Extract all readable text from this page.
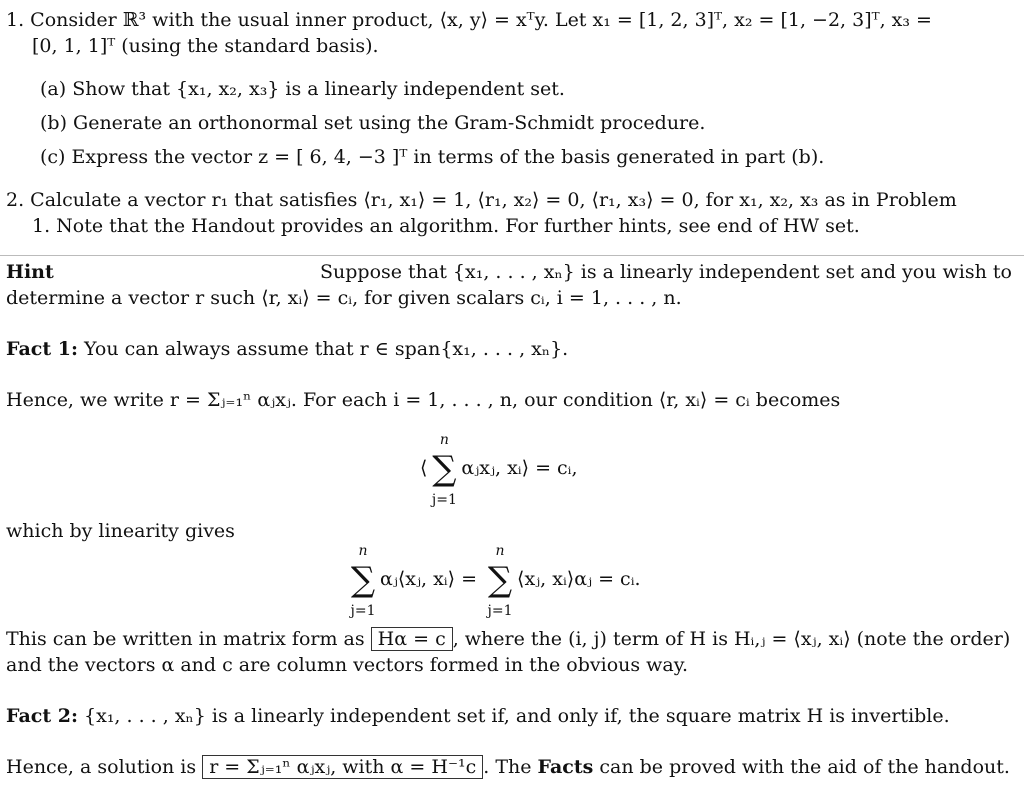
1. Consider ℝ³ with the usual inner product, ⟨x, y⟩ = xᵀy. Let x₁ = [1, 2, 3]ᵀ, x₂ = [1, −2, 3]ᵀ, x₃ =
[0, 1, 1]ᵀ (using the standard basis).
(a) Show that {x₁, x₂, x₃} is a linearly independent set.
(b) Generate an orthonormal set using the Gram-Schmidt procedure.
(c) Express the vector z = [ 6, 4, −3 ]ᵀ in terms of the basis generated in part (b).
2. Calculate a vector r₁ that satisfies ⟨r₁, x₁⟩ = 1, ⟨r₁, x₂⟩ = 0, ⟨r₁, x₃⟩ = 0, for x₁, x₂, x₃ as in Problem
1. Note that the Handout provides an algorithm. For further hints, see end of HW set.
Hint	Suppose that {x₁, . . . , xₙ} is a linearly independent set and you wish to
determine a vector r such ⟨r, xᵢ⟩ = cᵢ, for given scalars cᵢ, i = 1, . . . , n.
Fact 1: You can always assume that r ∈ span{x₁, . . . , xₙ}.
Hence, we write r = Σⱼ₌₁ⁿ αⱼxⱼ. For each i = 1, . . . , n, our condition ⟨r, xᵢ⟩ = cᵢ becomes
⟨
n
∑
j=1
αⱼxⱼ, xᵢ⟩ = cᵢ,
which by linearity gives
n
∑
j=1
αⱼ⟨xⱼ, xᵢ⟩ =
n
∑
j=1
⟨xⱼ, xᵢ⟩αⱼ = cᵢ.
This can be written in matrix form as Hα = c , where the (i, j) term of H is Hᵢ,ⱼ = ⟨xⱼ, xᵢ⟩ (note the order)
and the vectors α and c are column vectors formed in the obvious way.
Fact 2: {x₁, . . . , xₙ} is a linearly independent set if, and only if, the square matrix H is invertible.
Hence, a solution is r = Σⱼ₌₁ⁿ αⱼxⱼ, with α = H⁻¹c . The Facts can be proved with the aid of the handout.
